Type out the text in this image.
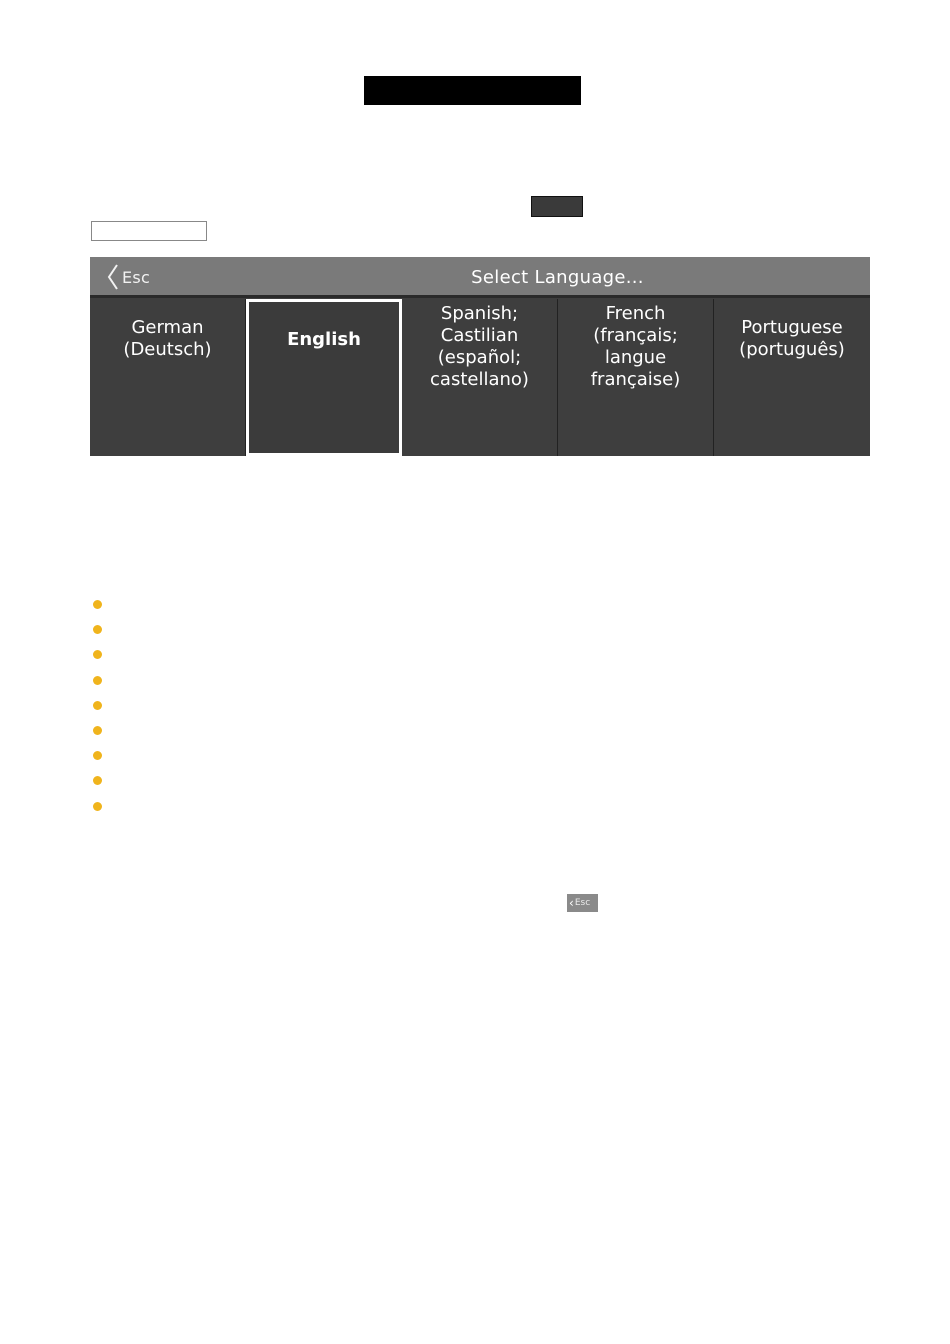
Esc	Select Language...
German
(Deutsch)	English
Spanish;
Castilian
(español;
castellano)
French
(français;
langue
française)
Portuguese
(português)
‹ Esc
